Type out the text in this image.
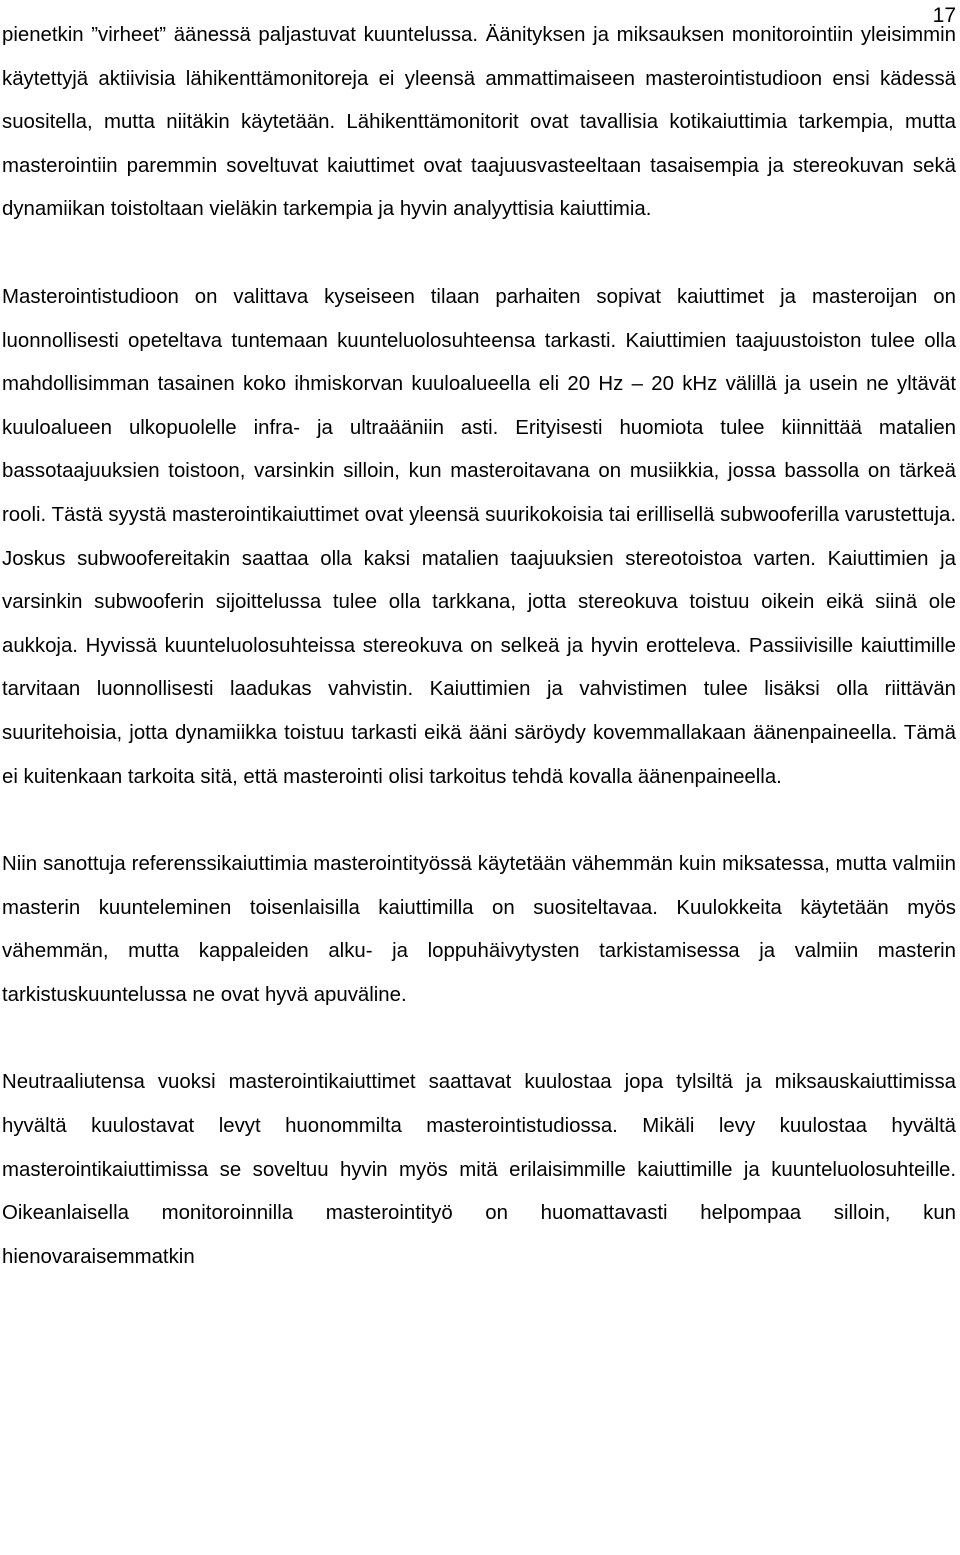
17

pienetkin ”virheet” äänessä paljastuvat kuuntelussa. Äänityksen ja miksauksen monitorointiin yleisimmin käytettyjä aktiivisia lähikenttämonitoreja ei yleensä ammattimaiseen masterointistudioon ensi kädessä suositella, mutta niitäkin käytetään. Lähikenttämonitorit ovat tavallisia kotikaiuttimia tarkempia, mutta masterointiin paremmin soveltuvat kaiuttimet ovat taajuusvasteeltaan tasaisempia ja stereokuvan sekä dynamiikan toistoltaan vieläkin tarkempia ja hyvin analyyttisia kaiuttimia.

Masterointistudioon on valittava kyseiseen tilaan parhaiten sopivat kaiuttimet ja masteroijan on luonnollisesti opeteltava tuntemaan kuunteluolosuhteensa tarkasti. Kaiuttimien taajuustoiston tulee olla mahdollisimman tasainen koko ihmiskorvan kuuloalueella eli 20 Hz – 20 kHz välillä ja usein ne yltävät kuuloalueen ulkopuolelle infra- ja ultraääniin asti. Erityisesti huomiota tulee kiinnittää matalien bassotaajuuksien toistoon, varsinkin silloin, kun masteroitavana on musiikkia, jossa bassolla on tärkeä rooli. Tästä syystä masterointikaiuttimet ovat yleensä suurikokoisia tai erillisellä subwooferilla varustettuja. Joskus subwoofereitakin saattaa olla kaksi matalien taajuuksien stereotoistoa varten. Kaiuttimien ja varsinkin subwooferin sijoittelussa tulee olla tarkkana, jotta stereokuva toistuu oikein eikä siinä ole aukkoja. Hyvissä kuunteluolosuhteissa stereokuva on selkeä ja hyvin erotteleva. Passiivisille kaiuttimille tarvitaan luonnollisesti laadukas vahvistin. Kaiuttimien ja vahvistimen tulee lisäksi olla riittävän suuritehoisia, jotta dynamiikka toistuu tarkasti eikä ääni säröydy kovemmallakaan äänenpaineella. Tämä ei kuitenkaan tarkoita sitä, että masterointi olisi tarkoitus tehdä kovalla äänenpaineella.

Niin sanottuja referenssikaiuttimia masterointityössä käytetään vähemmän kuin miksatessa, mutta valmiin masterin kuunteleminen toisenlaisilla kaiuttimilla on suositeltavaa. Kuulokkeita käytetään myös vähemmän, mutta kappaleiden alku- ja loppuhäivytysten tarkistamisessa ja valmiin masterin tarkistuskuuntelussa ne ovat hyvä apuväline.

Neutraaliutensa vuoksi masterointikaiuttimet saattavat kuulostaa jopa tylsiltä ja miksauskaiuttimissa hyvältä kuulostavat levyt huonommilta masterointistudiossa. Mikäli levy kuulostaa hyvältä masterointikaiuttimissa se soveltuu hyvin myös mitä erilaisimmille kaiuttimille ja kuunteluolosuhteille. Oikeanlaisella monitoroinnilla masterointityö on huomattavasti helpompaa silloin, kun hienovaraisemmatkin
